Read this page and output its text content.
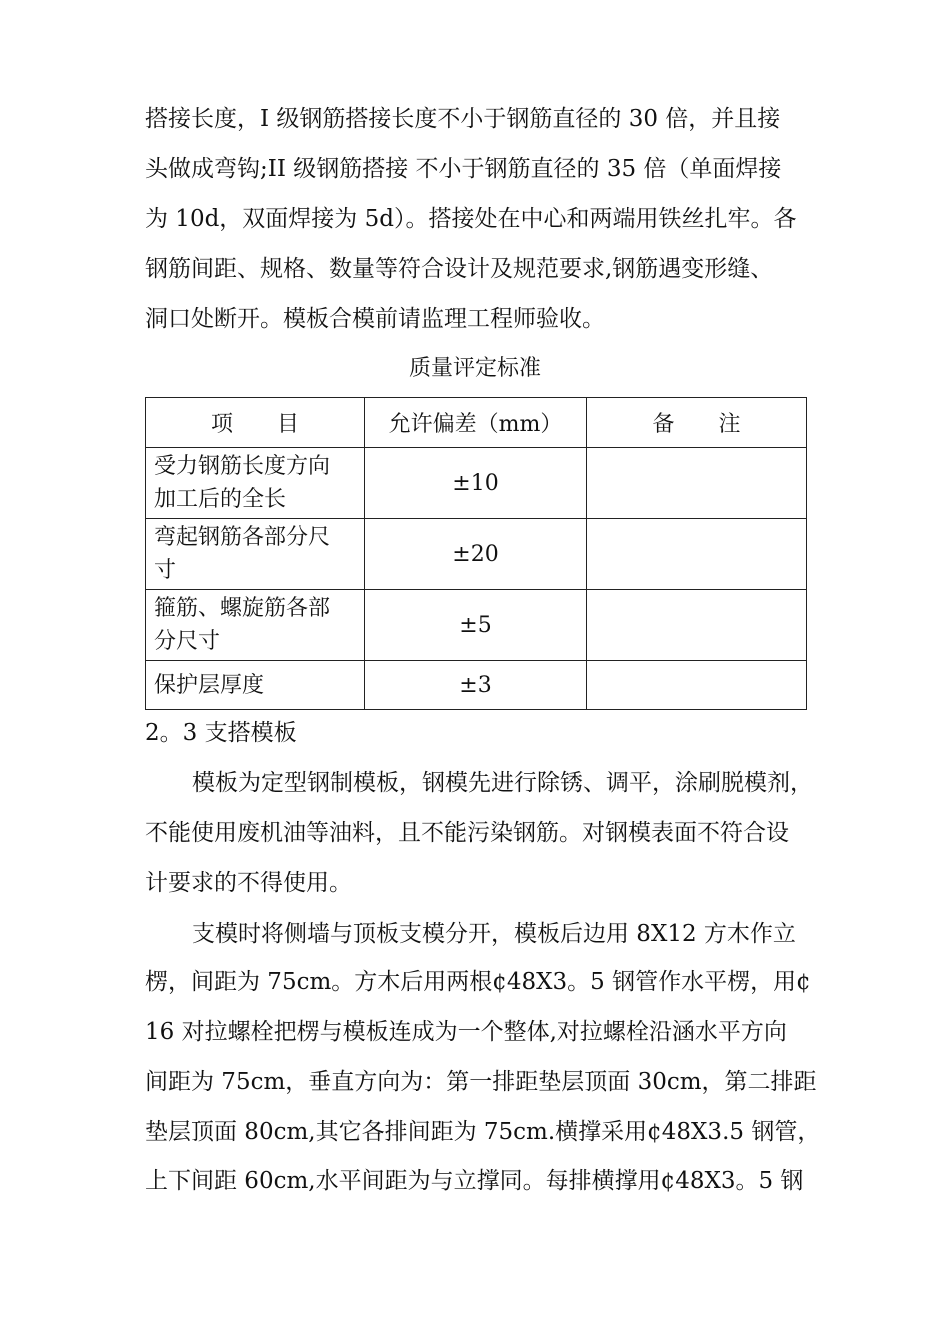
搭接长度，I 级钢筋搭接长度不小于钢筋直径的 30 倍，并且接
头做成弯钩;II 级钢筋搭接 不小于钢筋直径的 35 倍（单面焊接
为 10d，双面焊接为 5d）。搭接处在中心和两端用铁丝扎牢。各
钢筋间距、规格、数量等符合设计及规范要求,钢筋遇变形缝、
洞口处断开。模板合模前请监理工程师验收。
质量评定标准
项　　目	允许偏差（mm）	备　　注

受力钢筋长度方向
加工后的全长	±10	

弯起钢筋各部分尺
寸	±20	

箍筋、螺旋筋各部
分尺寸	±5	

保护层厚度	±3	
2。3 支搭模板
模板为定型钢制模板，钢模先进行除锈、调平，涂刷脱模剂，
不能使用废机油等油料，且不能污染钢筋。对钢模表面不符合设
计要求的不得使用。
支模时将侧墙与顶板支模分开，模板后边用 8X12 方木作立
楞，间距为 75cm。方木后用两根¢48X3。5 钢管作水平楞，用¢
16 对拉螺栓把楞与模板连成为一个整体,对拉螺栓沿涵水平方向
间距为 75cm，垂直方向为：第一排距垫层顶面 30cm，第二排距
垫层顶面 80cm,其它各排间距为 75cm.横撑采用¢48X3.5 钢管，
上下间距 60cm,水平间距为与立撑同。每排横撑用¢48X3。5 钢
